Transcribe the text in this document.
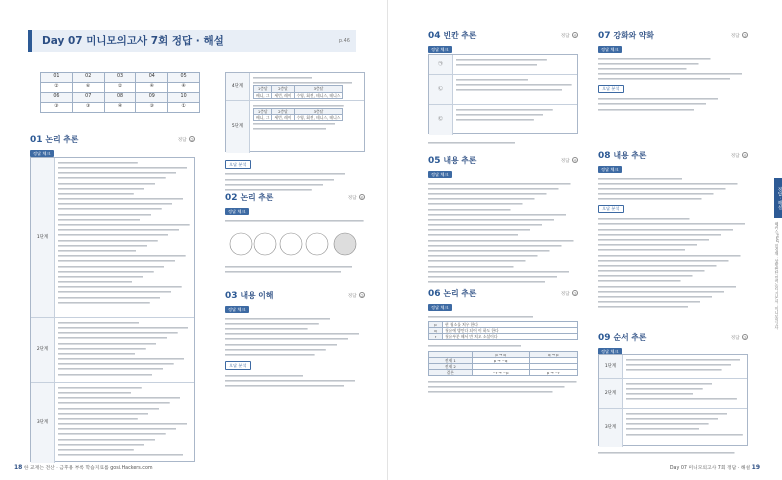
Day 07 미니모의고사 7회 정답 · 해설	p.46
01	02	03	04	05
②	⑥	②	④	④
06	07	08	09	10
③	③	④	③	①
4단계
1층달	2층달	3층달
배니, 그	세번, 레이	수영, 회전, 테니스, 테니스
5단계
1층달	2층달	3층달
배니, 그	세번, 레이	수영, 회전, 테니스, 테니스
01 논리 추론	정답 ②
정답 체크
1단계
2단계
3단계
오답 분석
02 논리 추론	정답 ⑥
정답 체크
03 내용 이해	정답 ②
정답 체크
오답 분석
18 한 교재는 전산 · 금후용 부록 학습지료를 gosi.Hackers.com
04 빈칸 추론	정답 ④
정답 체크
㉠
㉡
㉢
05 내용 추론	정답 ④
정답 체크
06 논리 추론	정답 ③
정답 체크
p	현 청소를 처우 한다
q	첫유에 방안다 되어 이 하도 한다
r	첫유부분 해서 만 처오 소설이다
	p → q	q → p
전제 1	p → ~q	
전제 2		
결론	~r → ~p	p → ~r
07 강화와 약화	정답 ③
정답 체크
오답 분석
08 내용 추론	정답 ④
정답 체크
오답 분석
09 순서 추론	정답 ③
정답 체크
1단계
2단계
3단계
정답 · 해설
해커스PSAT 민경채 · 상황판단 언어논리 기본서 · 미니모의고사
Day 07 미니모의고사 7회 정답 · 해설 19
